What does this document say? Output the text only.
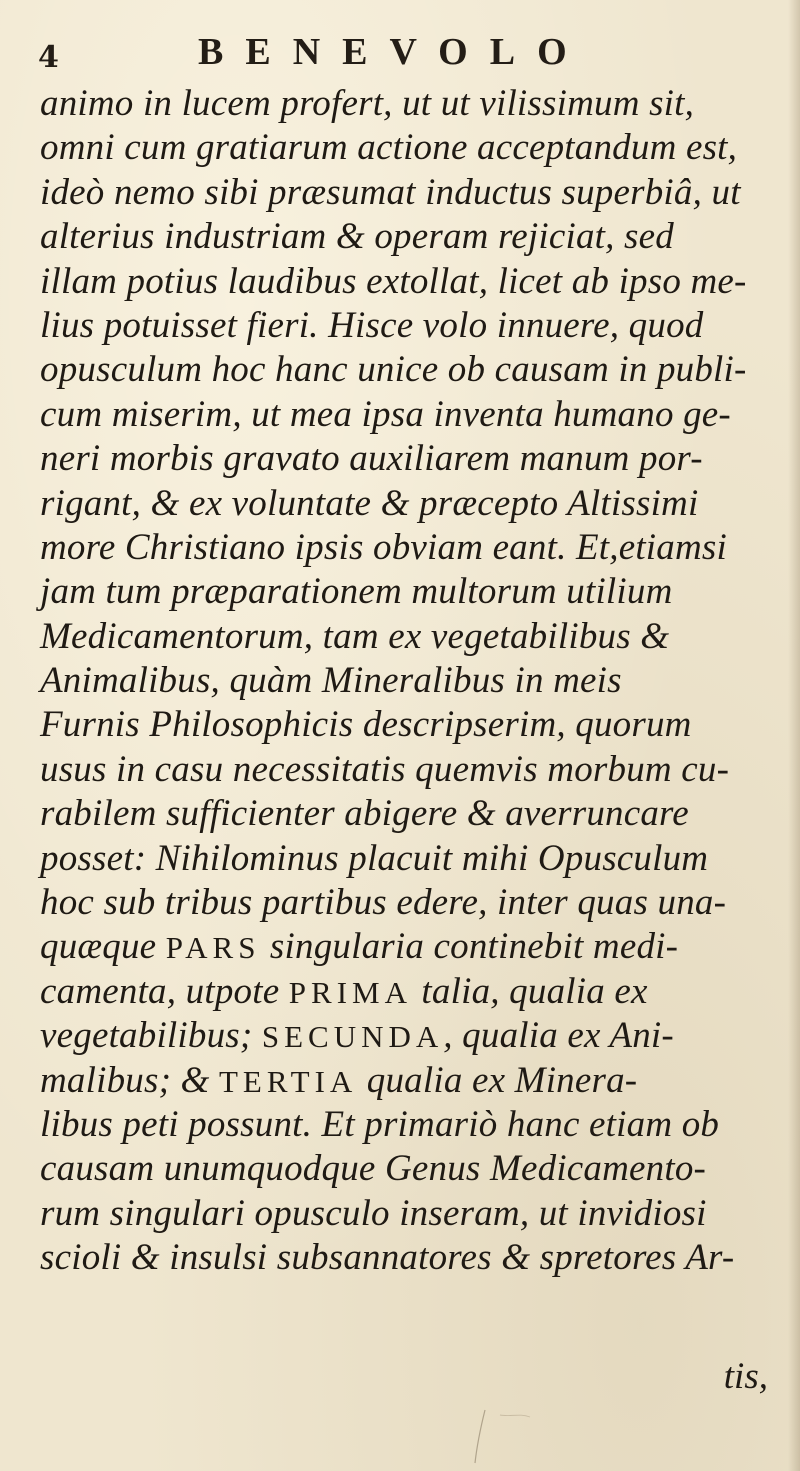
4	BENEVOLO
animo in lucem profert, ut ut vilissimum sit,
omni cum gratiarum actione acceptandum est,
ideò nemo sibi præsumat inductus superbiâ, ut
alterius industriam & operam rejiciat, sed
illam potius laudibus extollat, licet ab ipso me-
lius potuisset fieri. Hisce volo innuere, quod
opusculum hoc hanc unice ob causam in publi-
cum miserim, ut mea ipsa inventa humano ge-
neri morbis gravato auxiliarem manum por-
rigant, & ex voluntate & præcepto Altissimi
more Christiano ipsis obviam eant. Et,etiamsi
jam tum præparationem multorum utilium
Medicamentorum, tam ex vegetabilibus &
Animalibus, quàm Mineralibus in meis
Furnis Philosophicis descripserim, quorum
usus in casu necessitatis quemvis morbum cu-
rabilem sufficienter abigere & averruncare
posset: Nihilominus placuit mihi Opusculum
hoc sub tribus partibus edere, inter quas una-
quæque PARS singularia continebit medi-
camenta, utpote PRIMA talia, qualia ex
vegetabilibus; SECUNDA, qualia ex Ani-
malibus; & TERTIA qualia ex Minera-
libus peti possunt. Et primariò hanc etiam ob
causam unumquodque Genus Medicamento-
rum singulari opusculo inseram, ut invidiosi
scioli & insulsi subsannatores & spretores Ar-
tis,
